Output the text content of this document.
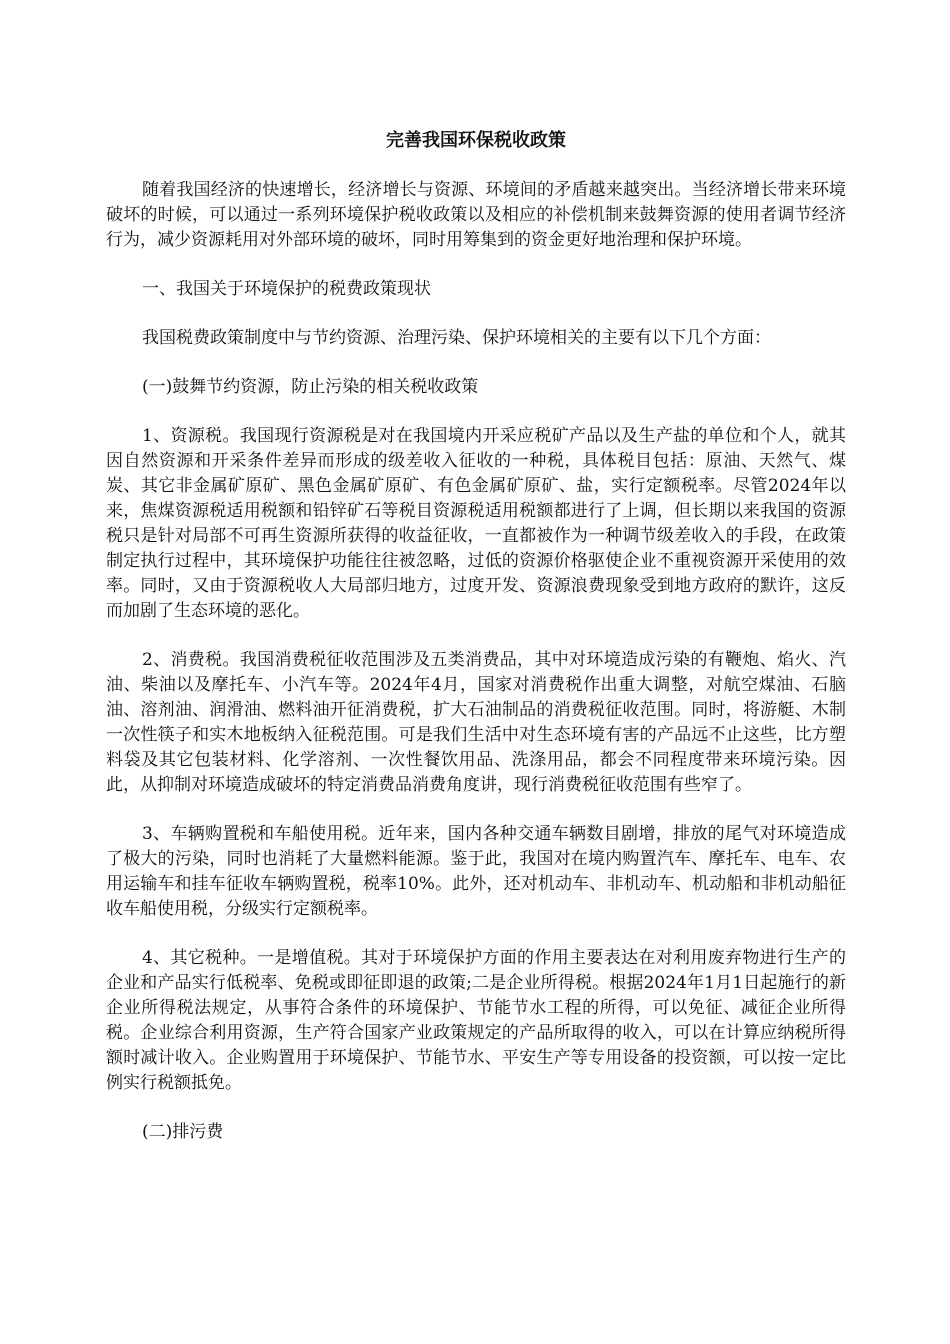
完善我国环保税收政策

随着我国经济的快速增长，经济增长与资源、环境间的矛盾越来越突出。当经济增长带来环境破坏的时候，可以通过一系列环境保护税收政策以及相应的补偿机制来鼓舞资源的使用者调节经济行为，减少资源耗用对外部环境的破坏，同时用筹集到的资金更好地治理和保护环境。

一、我国关于环境保护的税费政策现状

我国税费政策制度中与节约资源、治理污染、保护环境相关的主要有以下几个方面：

(一)鼓舞节约资源，防止污染的相关税收政策

1、资源税。我国现行资源税是对在我国境内开采应税矿产品以及生产盐的单位和个人，就其因自然资源和开采条件差异而形成的级差收入征收的一种税，具体税目包括：原油、天然气、煤炭、其它非金属矿原矿、黑色金属矿原矿、有色金属矿原矿、盐，实行定额税率。尽管2024年以来，焦煤资源税适用税额和铅锌矿石等税目资源税适用税额都进行了上调，但长期以来我国的资源税只是针对局部不可再生资源所获得的收益征收，一直都被作为一种调节级差收入的手段，在政策制定执行过程中，其环境保护功能往往被忽略，过低的资源价格驱使企业不重视资源开采使用的效率。同时，又由于资源税收人大局部归地方，过度开发、资源浪费现象受到地方政府的默许，这反而加剧了生态环境的恶化。

2、消费税。我国消费税征收范围涉及五类消费品，其中对环境造成污染的有鞭炮、焰火、汽油、柴油以及摩托车、小汽车等。2024年4月，国家对消费税作出重大调整，对航空煤油、石脑油、溶剂油、润滑油、燃料油开征消费税，扩大石油制品的消费税征收范围。同时，将游艇、木制一次性筷子和实木地板纳入征税范围。可是我们生活中对生态环境有害的产品远不止这些，比方塑料袋及其它包装材料、化学溶剂、一次性餐饮用品、洗涤用品，都会不同程度带来环境污染。因此，从抑制对环境造成破坏的特定消费品消费角度讲，现行消费税征收范围有些窄了。

3、车辆购置税和车船使用税。近年来，国内各种交通车辆数目剧增，排放的尾气对环境造成了极大的污染，同时也消耗了大量燃料能源。鉴于此，我国对在境内购置汽车、摩托车、电车、农用运输车和挂车征收车辆购置税，税率10%。此外，还对机动车、非机动车、机动船和非机动船征收车船使用税，分级实行定额税率。

4、其它税种。一是增值税。其对于环境保护方面的作用主要表达在对利用废弃物进行生产的企业和产品实行低税率、免税或即征即退的政策;二是企业所得税。根据2024年1月1日起施行的新企业所得税法规定，从事符合条件的环境保护、节能节水工程的所得，可以免征、减征企业所得税。企业综合利用资源，生产符合国家产业政策规定的产品所取得的收入，可以在计算应纳税所得额时减计收入。企业购置用于环境保护、节能节水、平安生产等专用设备的投资额，可以按一定比例实行税额抵免。

(二)排污费
